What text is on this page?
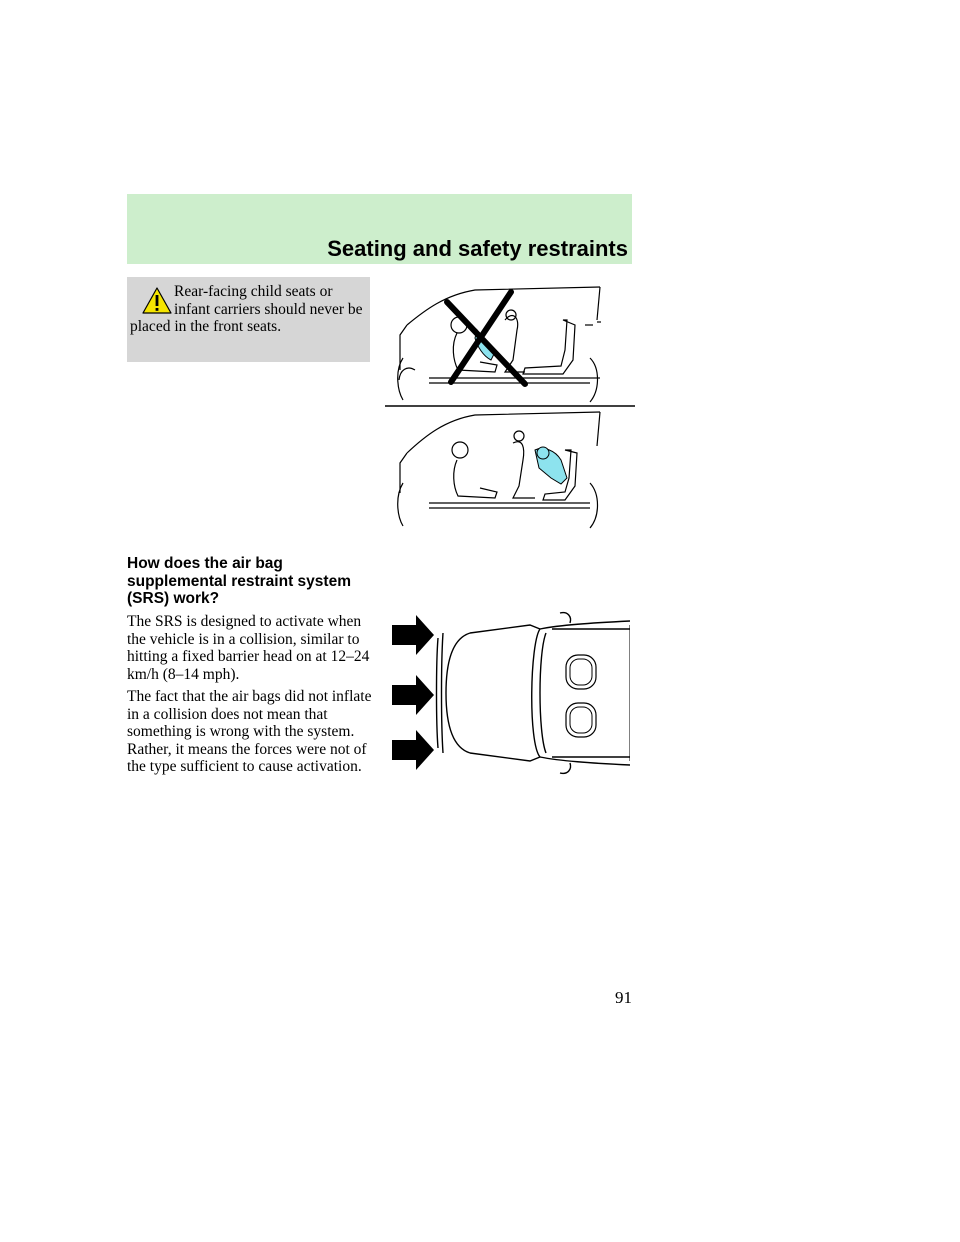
Seating and safety restraints
Rear-facing child seats or infant carriers should never be placed in the front seats.
How does the air bag supplemental restraint system (SRS) work?

The SRS is designed to activate when the vehicle is in a collision, similar to hitting a fixed barrier head on at 12–24 km/h (8–14 mph).

The fact that the air bags did not inflate in a collision does not mean that something is wrong with the system. Rather, it means the forces were not of the type sufficient to cause activation.

91
